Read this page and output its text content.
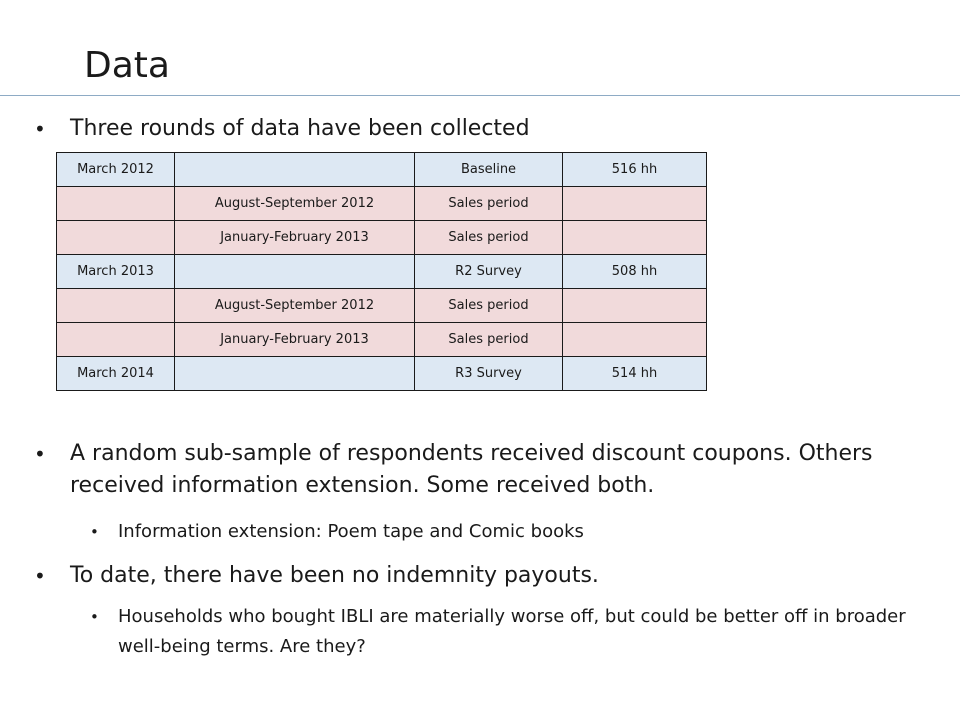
Data
• Three rounds of data have been collected
March 2012		Baseline	516 hh
	August-September 2012	Sales period	
	January-February 2013	Sales period	
March 2013		R2 Survey	508 hh
	August-September 2012	Sales period	
	January-February 2013	Sales period	
March 2014		R3 Survey	514 hh
• A random sub-sample of respondents received discount coupons. Others received information extension. Some received both.
• Information extension: Poem tape and Comic books
• To date, there have been no indemnity payouts.
• Households who bought IBLI are materially worse off, but could be better off in broader well-being terms. Are they?
